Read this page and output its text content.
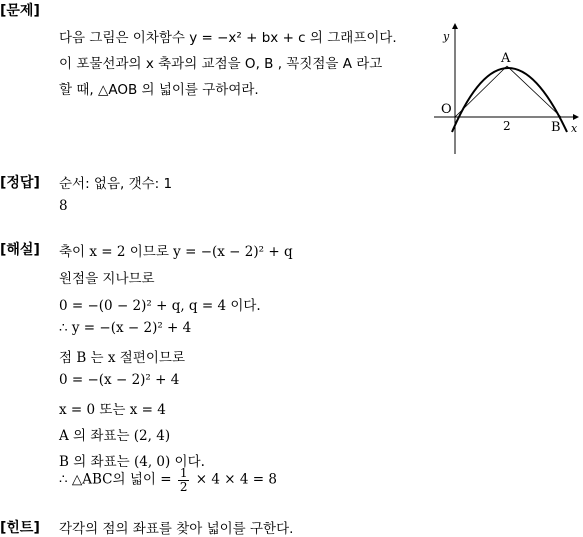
[문제]
다음 그림은 이차함수 y = −x² + bx + c 의 그래프이다.
이 포물선과의 x 축과의 교점을 O, B , 꼭짓점을 A 라고
할 때, △AOB 의 넓이를 구하여라.
y
x
O
A
B
2
[정답] 순서: 없음, 갯수: 1
8
[해설] 축이 x = 2 이므로 y = −(x − 2)² + q
원점을 지나므로
0 = −(0 − 2)² + q, q = 4 이다.
∴ y = −(x − 2)² + 4
점 B 는 x 절편이므로
0 = −(x − 2)² + 4
x = 0 또는 x = 4
A 의 좌표는 (2, 4)
B 의 좌표는 (4, 0) 이다.
∴ △ABC의 넓이 = $\frac{1}{2} \times 4 \times 4 = 8$
[힌트] 각각의 점의 좌표를 찾아 넓이를 구한다.
